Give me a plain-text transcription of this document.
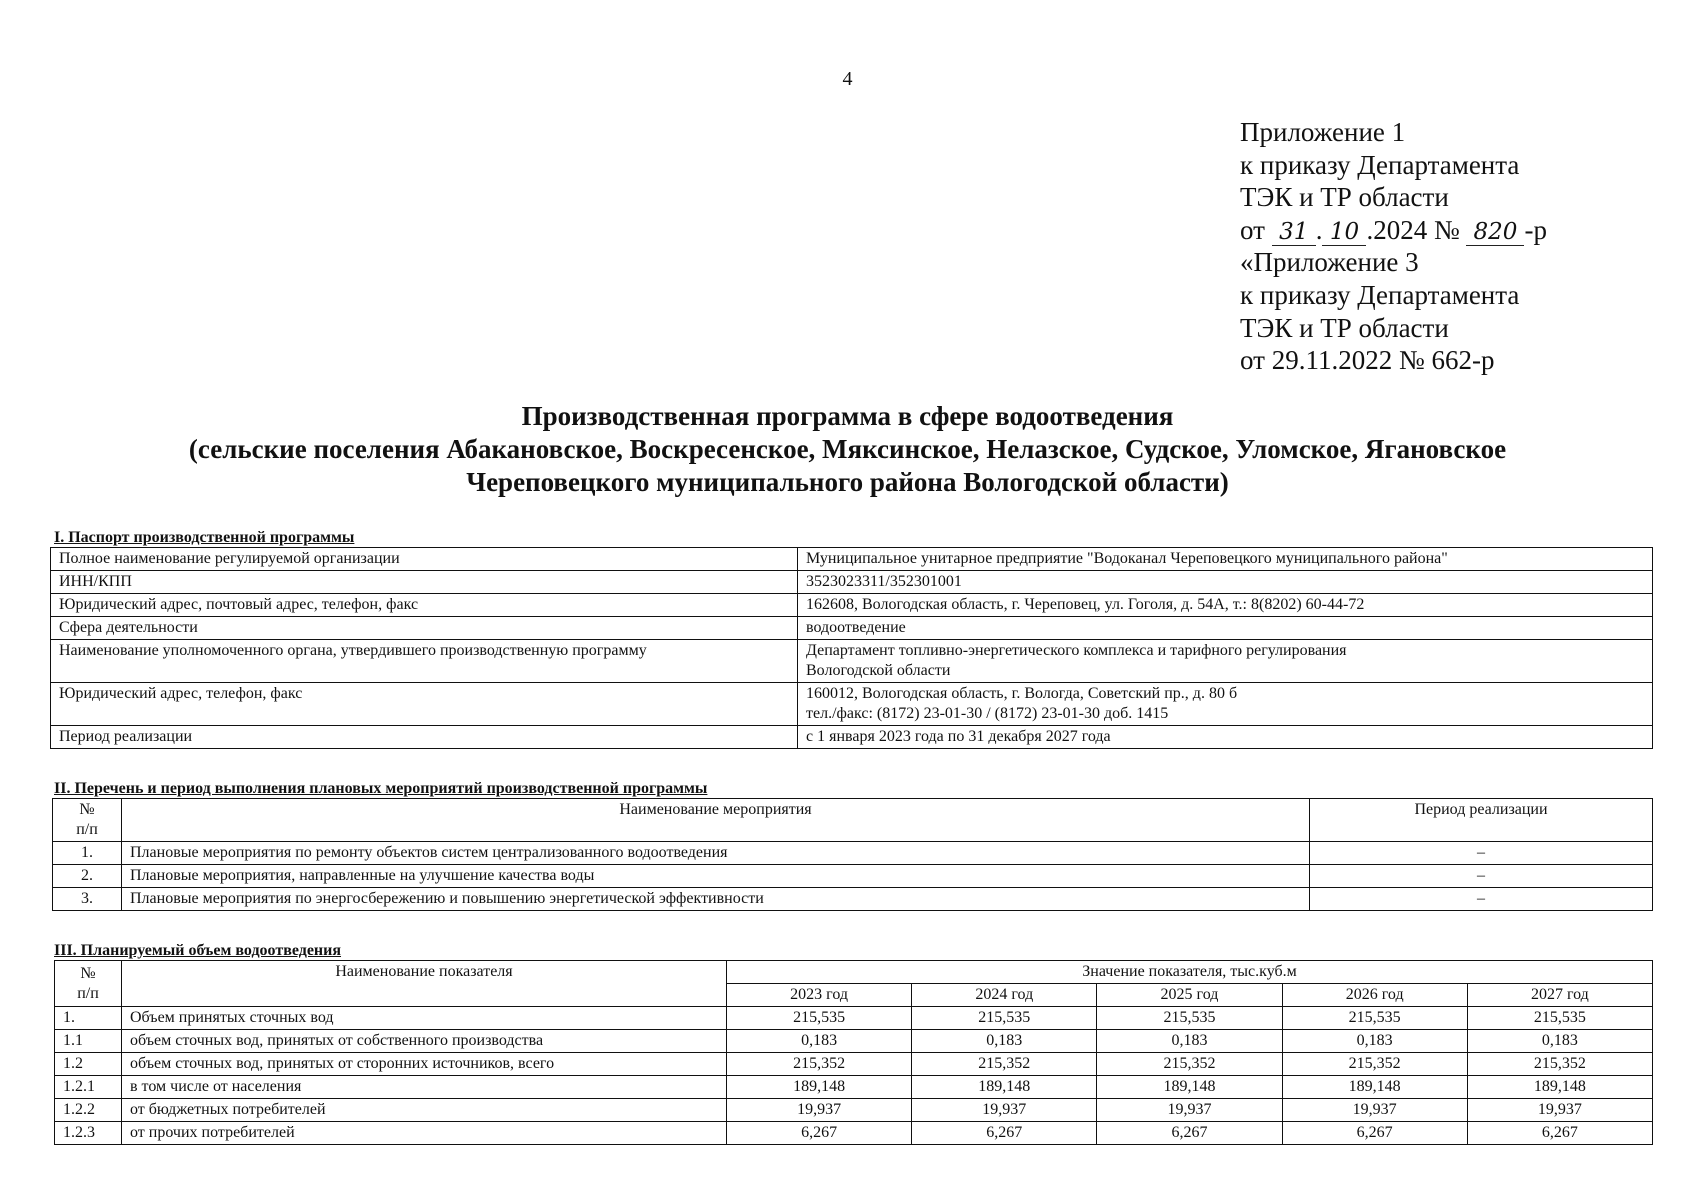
4
Приложение 1
к приказу Департамента
ТЭК и ТР области
от 31 . 10 .2024 № 820 -р
«Приложение 3
к приказу Департамента
ТЭК и ТР области
от 29.11.2022 № 662-р
Производственная программа в сфере водоотведения
(сельские поселения Абакановское, Воскресенское, Мяксинское, Нелазское, Судское, Уломское, Ягановское
Череповецкого муниципального района Вологодской области)
I. Паспорт производственной программы
Полное наименование регулируемой организации	Муниципальное унитарное предприятие "Водоканал Череповецкого муниципального района"

ИНН/КПП	3523023311/352301001

Юридический адрес, почтовый адрес, телефон, факс	162608, Вологодская область, г. Череповец, ул. Гоголя, д. 54А, т.: 8(8202) 60-44-72

Сфера деятельности	водоотведение

Наименование уполномоченного органа, утвердившего производственную программу	Департамент топливно-энергетического комплекса и тарифного регулирования
Вологодской области

Юридический адрес, телефон, факс	160012, Вологодская область, г. Вологда, Советский пр., д. 80 б
тел./факс: (8172) 23-01-30 / (8172) 23-01-30 доб. 1415

Период реализации	с 1 января 2023 года по 31 декабря 2027 года
II. Перечень и период выполнения плановых мероприятий производственной программы
№
п/п	Наименование мероприятия	Период реализации
1.	Плановые мероприятия по ремонту объектов систем централизованного водоотведения	–
2.	Плановые мероприятия, направленные на улучшение качества воды	–
3.	Плановые мероприятия по энергосбережению и повышению энергетической эффективности	–
III. Планируемый объем водоотведения
№
п/п	Наименование показателя	Значение показателя, тыс.куб.м				
		2023 год	2024 год	2025 год	2026 год	2027 год
1.	Объем принятых сточных вод	215,535	215,535	215,535	215,535	215,535
1.1	объем сточных вод, принятых от собственного производства	0,183	0,183	0,183	0,183	0,183
1.2	объем сточных вод, принятых от сторонних источников, всего	215,352	215,352	215,352	215,352	215,352
1.2.1	в том числе от населения	189,148	189,148	189,148	189,148	189,148
1.2.2	от бюджетных потребителей	19,937	19,937	19,937	19,937	19,937
1.2.3	от прочих потребителей	6,267	6,267	6,267	6,267	6,267
